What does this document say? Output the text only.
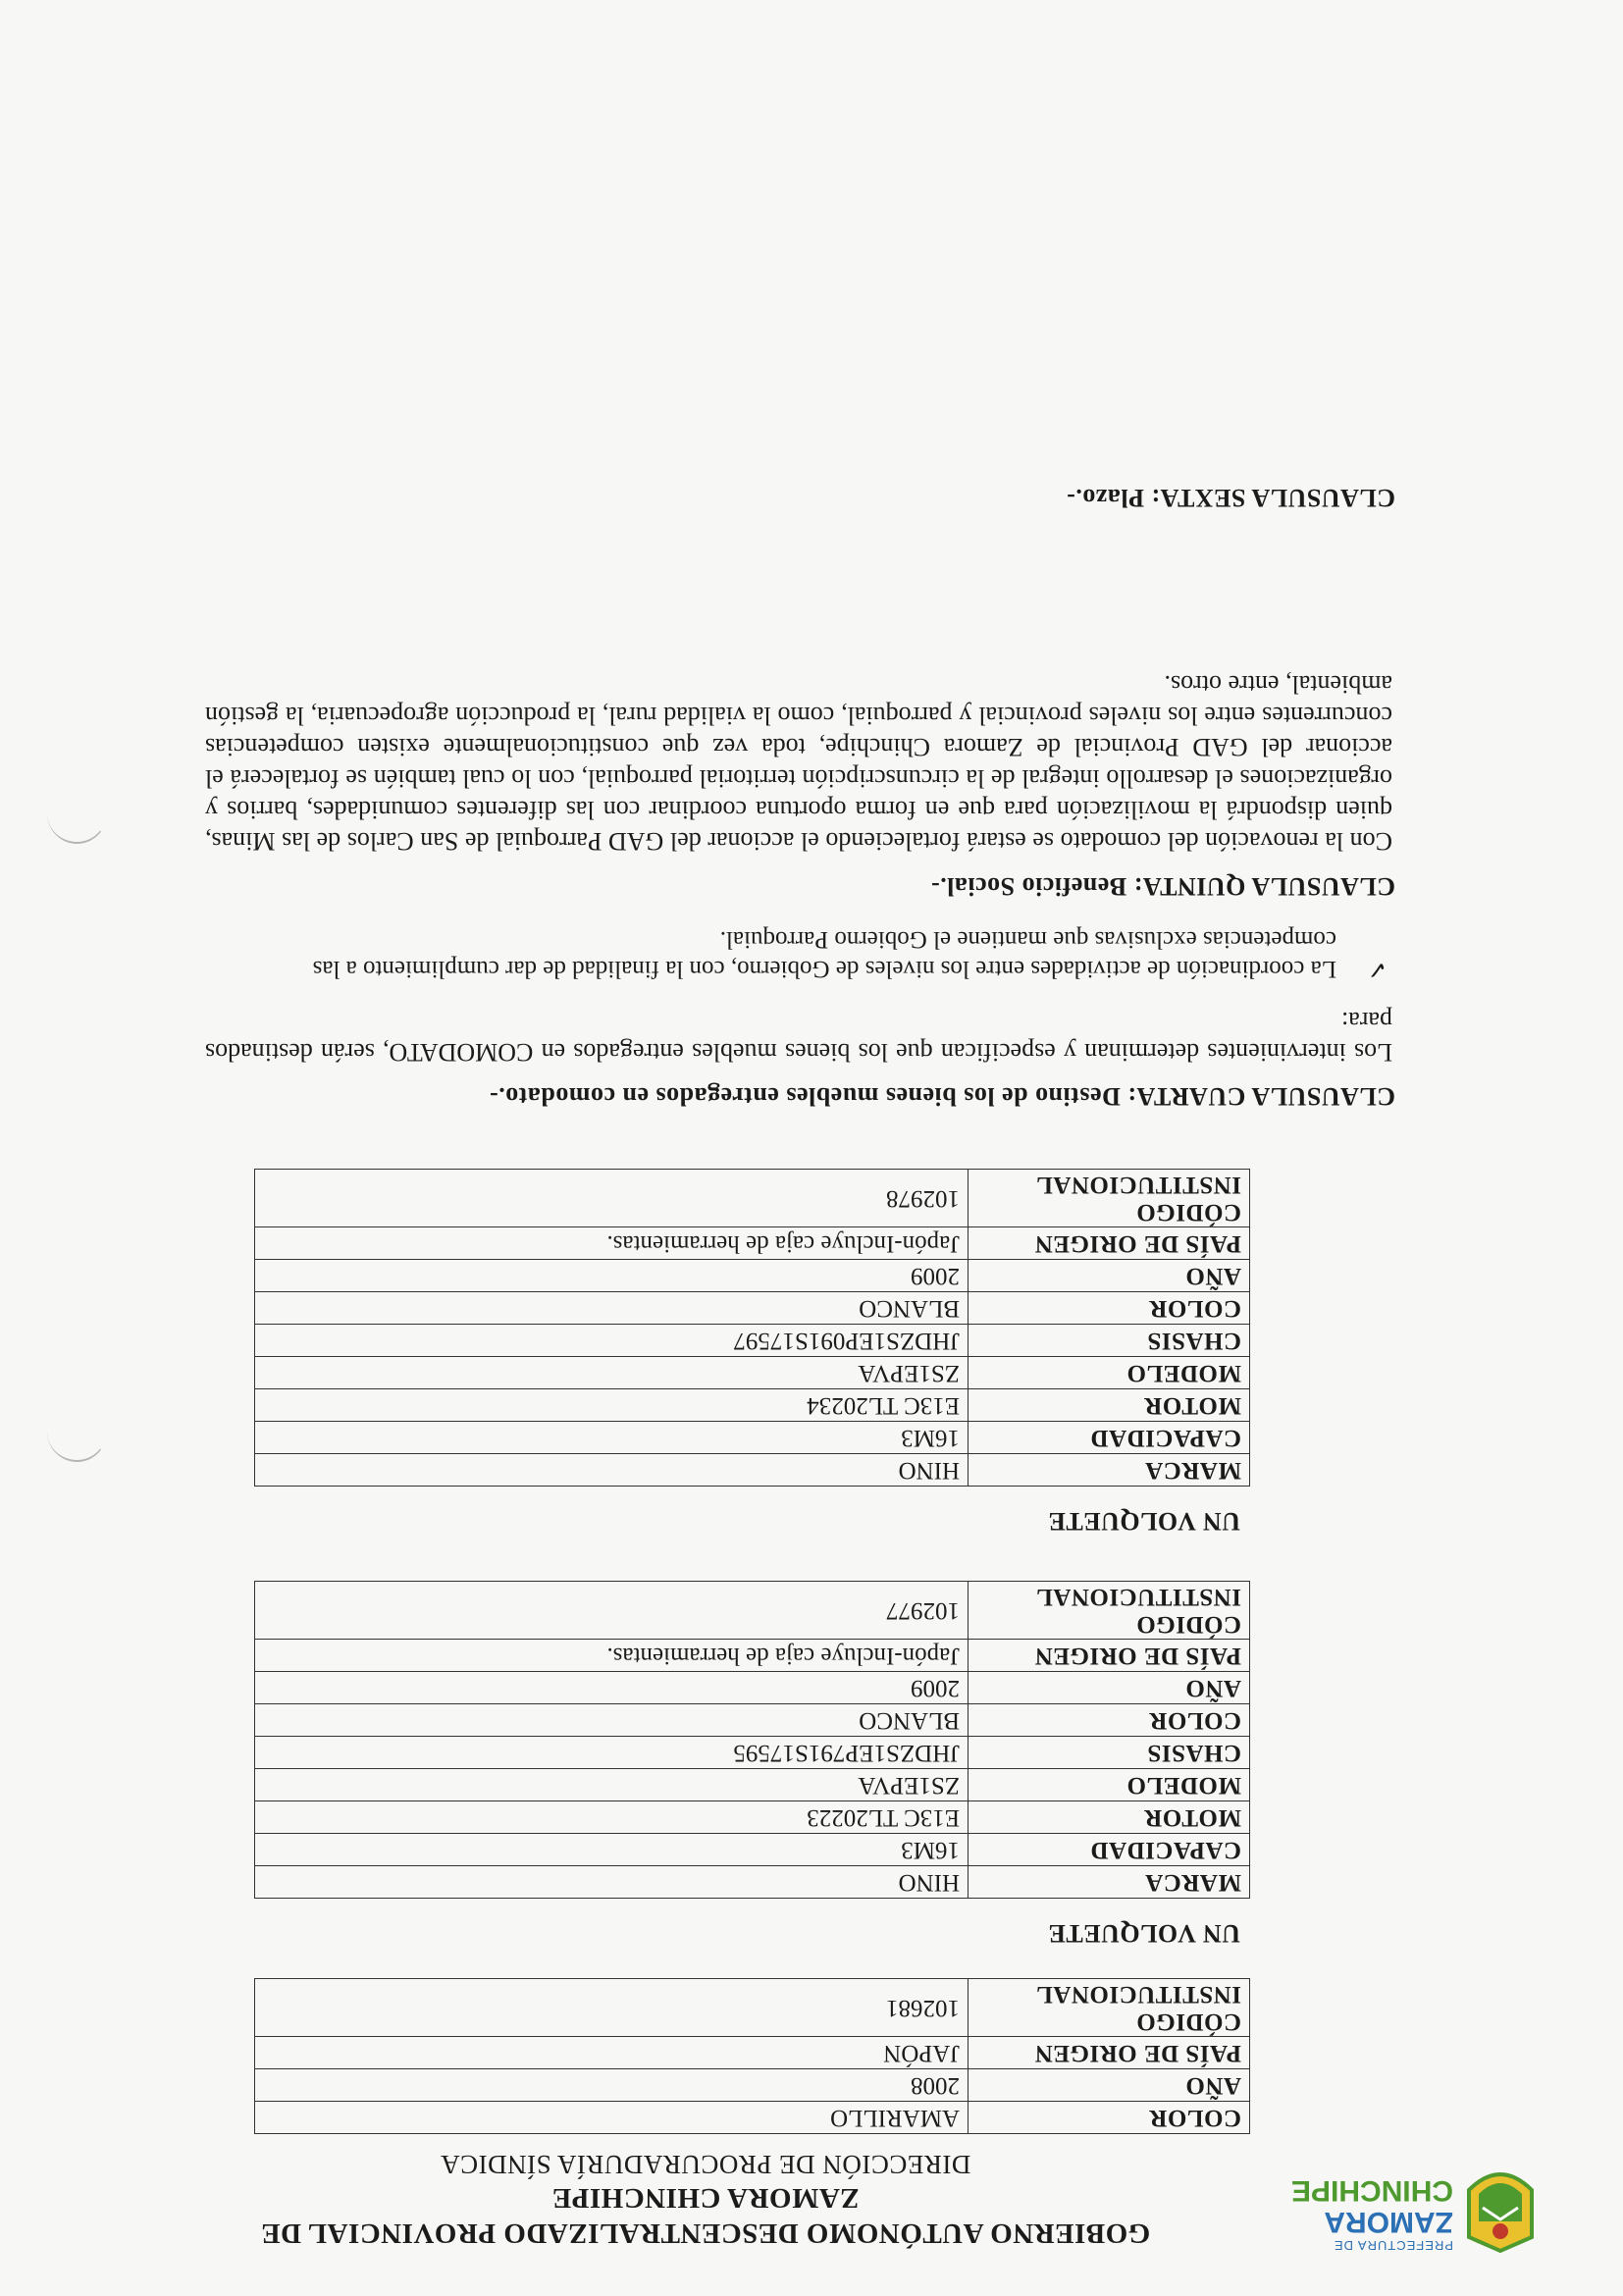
PREFECTURA DE
ZAMORA
CHINCHIPE
GOBIERNO AUTÓNOMO DESCENTRALIZADO PROVINCIAL DE
ZAMORA CHINCHIPE
DIRECCIÓN DE PROCURADURÍA SÍNDICA
COLOR	AMARILLO
AÑO	2008
PAÍS DE ORIGEN	JAPÓN
CÓDIGO INSTITUCIONAL	102681
UN VOLQUETE
MARCA	HINO
CAPACIDAD	16M3
MOTOR	E13C TL20223
MODELO	ZS1EPVA
CHASIS	JHDZS1EP791S17595
COLOR	BLANCO
AÑO	2009
PAÍS DE ORIGEN	Japón-Incluye caja de herramientas.
CÓDIGO INSTITUCIONAL	102977
UN VOLQUETE
MARCA	HINO
CAPACIDAD	16M3
MOTOR	E13C TL20234
MODELO	ZS1EPVA
CHASIS	JHDZS1EP091S17597
COLOR	BLANCO
AÑO	2009
PAÍS DE ORIGEN	Japón-Incluye caja de herramientas.
CÓDIGO INSTITUCIONAL	102978
CLAUSULA CUARTA: Destino de los bienes muebles entregados en comodato.-
Los intervinientes determinan y especifican que los bienes muebles entregados en COMODATO, serán destinados para:
✓
La coordinación de actividades entre los niveles de Gobierno, con la finalidad de dar cumplimiento a las competencias exclusivas que mantiene el Gobierno Parroquial.
CLAUSULA QUINTA: Beneficio Social.-
Con la renovación del comodato se estará fortaleciendo el accionar del GAD Parroquial de San Carlos de las Minas, quien dispondrá la movilización para que en forma oportuna coordinar con las diferentes comunidades, barrios y organizaciones el desarrollo integral de la circunscripción territorial parroquial, con lo cual también se fortalecerá el accionar del GAD Provincial de Zamora Chinchipe, toda vez que constitucionalmente existen competencias concurrentes entre los niveles provincial y parroquial, como la vialidad rural, la producción agropecuaria, la gestión ambiental, entre otros.
CLAUSULA SEXTA: Plazo.-
